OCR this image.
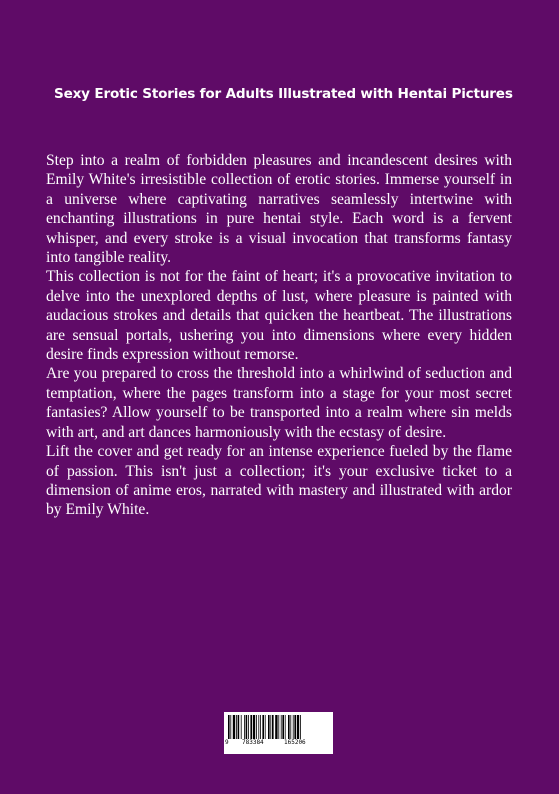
Sexy Erotic Stories for Adults Illustrated with Hentai Pictures

Step into a realm of forbidden pleasures and incandescent desires with Emily White's irresistible collection of erotic stories. Immerse yourself in a universe where captivating narratives seamlessly intertwine with enchanting illustrations in pure hentai style. Each word is a fervent whisper, and every stroke is a visual invocation that transforms fantasy into tangible reality.

This collection is not for the faint of heart; it's a provocative invitation to delve into the unexplored depths of lust, where pleasure is painted with audacious strokes and details that quicken the heartbeat. The illustrations are sensual portals, ushering you into dimensions where every hidden desire finds expression without remorse.

Are you prepared to cross the threshold into a whirlwind of seduction and temptation, where the pages transform into a stage for your most secret fantasies? Allow yourself to be transported into a realm where sin melds with art, and art dances harmoniously with the ecstasy of desire.

Lift the cover and get ready for an intense experience fueled by the flame of passion. This isn't just a collection; it's your exclusive ticket to a dimension of anime eros, narrated with mastery and illustrated with ardor by Emily White.

9 783384	165206
